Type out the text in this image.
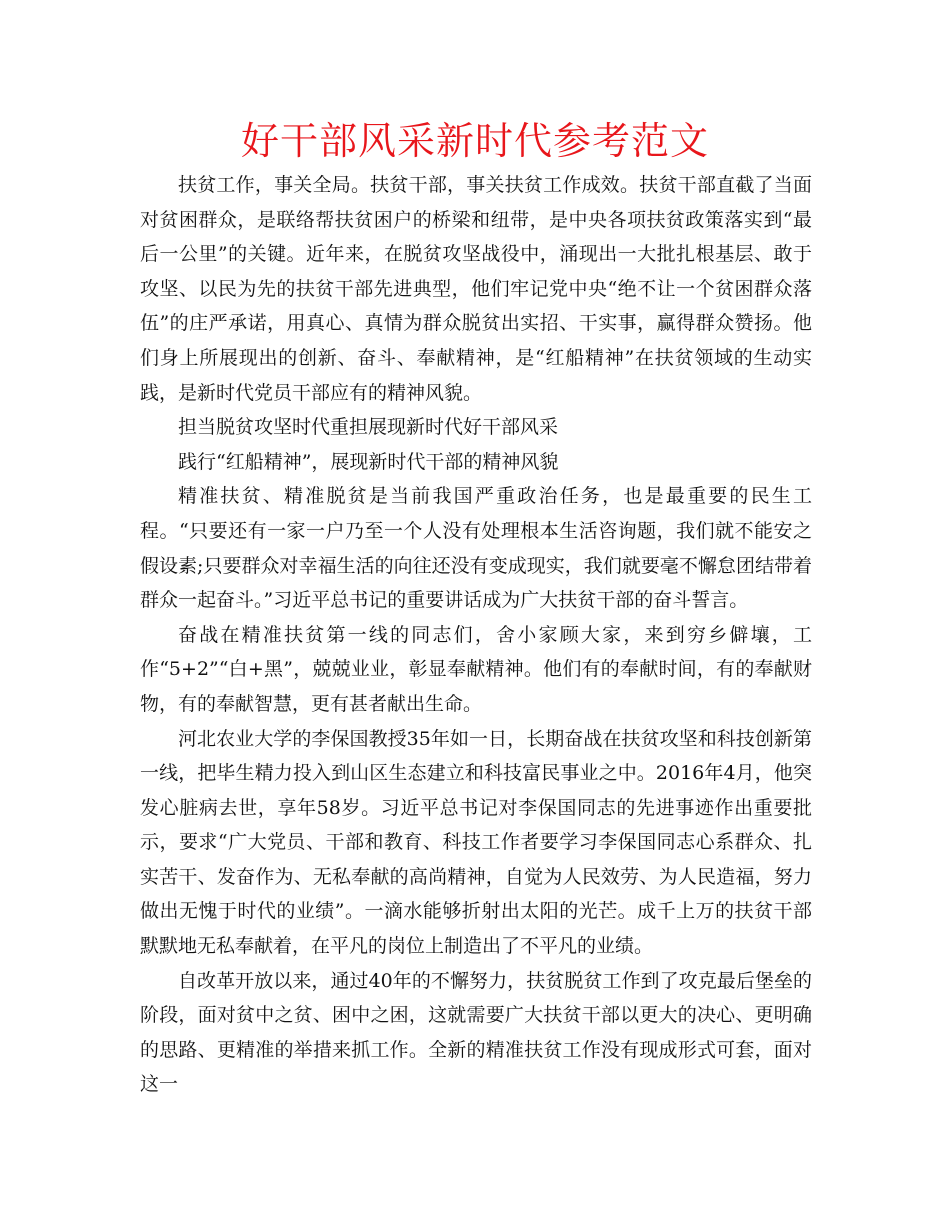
好干部风采新时代参考范文

扶贫工作，事关全局。扶贫干部，事关扶贫工作成效。扶贫干部直截了当面对贫困群众，是联络帮扶贫困户的桥梁和纽带，是中央各项扶贫政策落实到“最后一公里”的关键。近年来，在脱贫攻坚战役中，涌现出一大批扎根基层、敢于攻坚、以民为先的扶贫干部先进典型，他们牢记党中央“绝不让一个贫困群众落伍”的庄严承诺，用真心、真情为群众脱贫出实招、干实事，赢得群众赞扬。他们身上所展现出的创新、奋斗、奉献精神，是“红船精神”在扶贫领域的生动实践，是新时代党员干部应有的精神风貌。

担当脱贫攻坚时代重担展现新时代好干部风采

践行“红船精神”，展现新时代干部的精神风貌

精准扶贫、精准脱贫是当前我国严重政治任务，也是最重要的民生工程。“只要还有一家一户乃至一个人没有处理根本生活咨询题，我们就不能安之假设素;只要群众对幸福生活的向往还没有变成现实，我们就要毫不懈怠团结带着群众一起奋斗。”习近平总书记的重要讲话成为广大扶贫干部的奋斗誓言。

奋战在精准扶贫第一线的同志们，舍小家顾大家，来到穷乡僻壤，工作“5+2”“白+黑”，兢兢业业，彰显奉献精神。他们有的奉献时间，有的奉献财物，有的奉献智慧，更有甚者献出生命。

河北农业大学的李保国教授35年如一日，长期奋战在扶贫攻坚和科技创新第一线，把毕生精力投入到山区生态建立和科技富民事业之中。2016年4月，他突发心脏病去世，享年58岁。习近平总书记对李保国同志的先进事迹作出重要批示，要求“广大党员、干部和教育、科技工作者要学习李保国同志心系群众、扎实苦干、发奋作为、无私奉献的高尚精神，自觉为人民效劳、为人民造福，努力做出无愧于时代的业绩”。一滴水能够折射出太阳的光芒。成千上万的扶贫干部默默地无私奉献着，在平凡的岗位上制造出了不平凡的业绩。

自改革开放以来，通过40年的不懈努力，扶贫脱贫工作到了攻克最后堡垒的阶段，面对贫中之贫、困中之困，这就需要广大扶贫干部以更大的决心、更明确的思路、更精准的举措来抓工作。全新的精准扶贫工作没有现成形式可套，面对这一
